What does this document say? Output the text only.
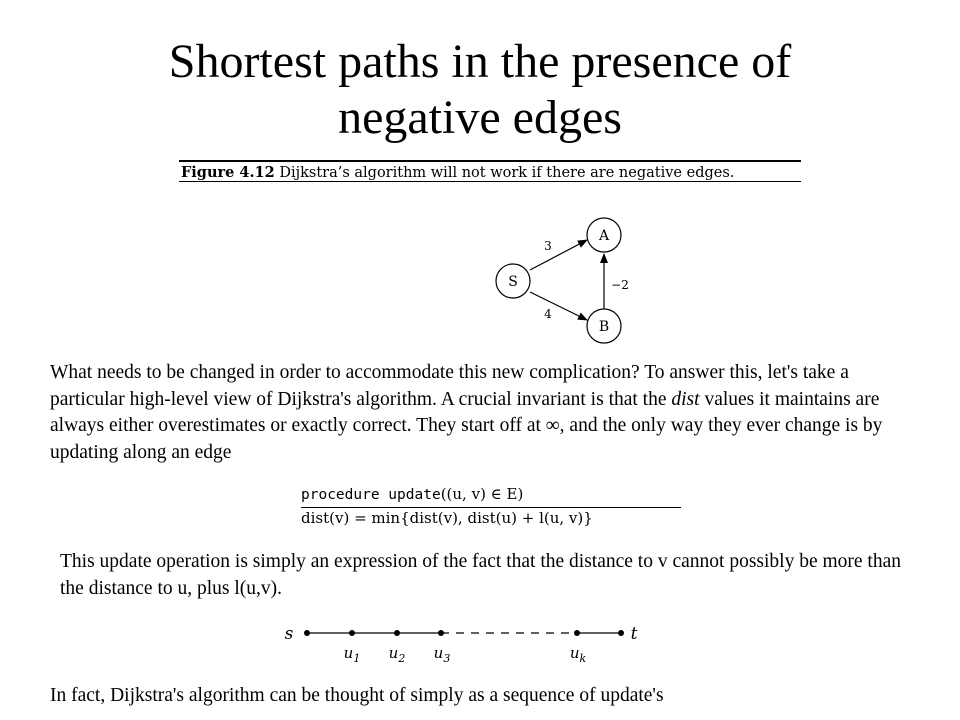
Shortest paths in the presence of
negative edges
Figure 4.12 Dijkstra’s algorithm will not work if there are negative edges.
S
A
B
3
4
−2
What needs to be changed in order to accommodate this new complication? To answer this, let's take a particular high-level view of Dijkstra's algorithm. A crucial invariant is that the dist values it maintains are always either overestimates or exactly correct. They start off at ∞, and the only way they ever change is by updating along an edge
procedure update((u, v) ∈ E)
dist(v) = min{dist(v), dist(u) + l(u, v)}
This update operation is simply an expression of the fact that the distance to v cannot possibly be more than the distance to u, plus l(u,v).
s	t
$u_1$ $u_2$ $u_3$	$u_k$
In fact, Dijkstra's algorithm can be thought of simply as a sequence of update's
